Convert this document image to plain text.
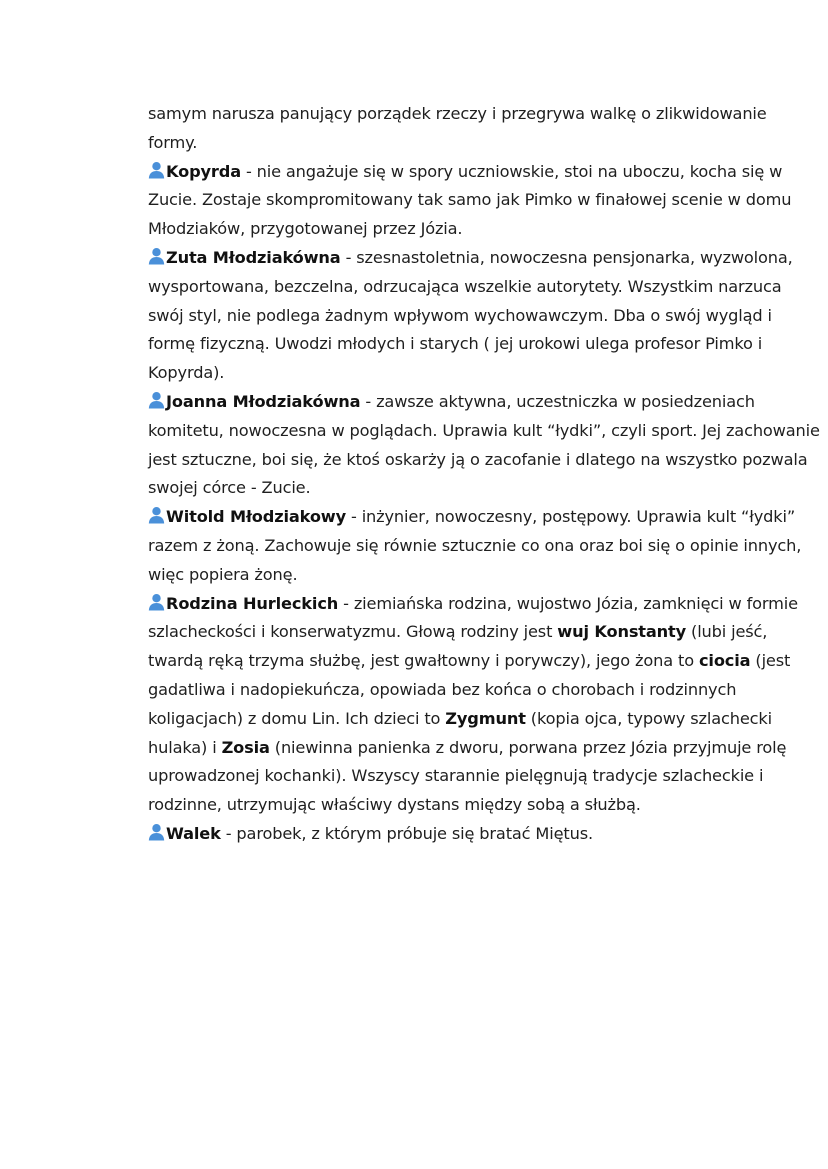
samym narusza panujący porządek rzeczy i przegrywa walkę o zlikwidowanie formy.

Kopyrda - nie angażuje się w spory uczniowskie, stoi na uboczu, kocha się w Zucie. Zostaje skompromitowany tak samo jak Pimko w finałowej scenie w domu Młodziaków, przygotowanej przez Józia.

Zuta Młodziakówna - szesnastoletnia, nowoczesna pensjonarka, wyzwolona, wysportowana, bezczelna, odrzucająca wszelkie autorytety. Wszystkim narzuca swój styl, nie podlega żadnym wpływom wychowawczym. Dba o swój wygląd i formę fizyczną. Uwodzi młodych i starych ( jej urokowi ulega profesor Pimko i Kopyrda).

Joanna Młodziakówna - zawsze aktywna, uczestniczka w posiedzeniach komitetu, nowoczesna w poglądach. Uprawia kult “łydki”, czyli sport. Jej zachowanie jest sztuczne, boi się, że ktoś oskarży ją o zacofanie i dlatego na wszystko pozwala swojej córce - Zucie.

Witold Młodziakowy - inżynier, nowoczesny, postępowy. Uprawia kult “łydki” razem z żoną. Zachowuje się równie sztucznie co ona oraz boi się o opinie innych, więc popiera żonę.

Rodzina Hurleckich - ziemiańska rodzina, wujostwo Józia, zamknięci w formie szlacheckości i konserwatyzmu. Głową rodziny jest wuj Konstanty (lubi jeść, twardą ręką trzyma służbę, jest gwałtowny i porywczy), jego żona to ciocia (jest gadatliwa i nadopiekuńcza, opowiada bez końca o chorobach i rodzinnych koligacjach) z domu Lin. Ich dzieci to Zygmunt (kopia ojca, typowy szlachecki hulaka) i Zosia (niewinna panienka z dworu, porwana przez Józia przyjmuje rolę uprowadzonej kochanki). Wszyscy starannie pielęgnują tradycje szlacheckie i rodzinne, utrzymując właściwy dystans między sobą a służbą.

Walek - parobek, z którym próbuje się bratać Miętus.
